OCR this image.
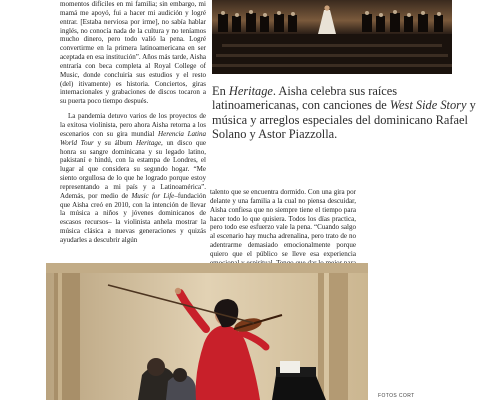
momentos difíciles en mi familia; sin embargo, mi mamá me apoyó, fui a hacer mi audición y logré entrar. [Estaba nerviosa por irme], no sabía hablar inglés, no conocía nada de la cultura y no teníamos mucho dinero, pero todo valió la pena. Logré convertirme en la primera latinoamericana en ser aceptada en esa institución”. Años más tarde, Aisha entraría con beca completa al Royal College of Music, donde concluiría sus estudios y el resto (del) itivamente) es historia. Conciertos, giras internacionales y grabaciones de discos tocaron a su puerta poco tiempo después.

La pandemia detuvo varios de los proyectos de la exitosa violinista, pero ahora Aisha retorna a los escenarios con su gira mundial Herencia Latina World Tour y su álbum Heritage, un disco que honra su sangre dominicana y su legado latino, pakistaní e hindú, con la estampa de Londres, el lugar al que considera su segundo hogar. “Me siento orgullosa de lo que he logrado porque estoy representando a mi país y a Latinoamérica”. Además, por medio de Music for Life–fundación que Aisha creó en 2010, con la intención de llevar la música a niños y jóvenes dominicanos de escasos recursos– la violinista anhela mostrar la música clásica a nuevas generaciones y quizás ayudarles a descubrir algún

En Heritage. Aisha celebra sus raíces latinoamericanas, con canciones de West Side Story y música y arreglos especiales del dominicano Rafael Solano y Astor Piazzolla.

talento que se encuentra dormido. Con una gira por delante y una familia a la cual no piensa descuidar, Aisha confiesa que no siempre tiene el tiempo para hacer todo lo que quisiera. Todos los días practica, pero todo ese esfuerzo vale la pena. “Cuando salgo al escenario hay mucha adrenalina, pero trato de no adentrarme demasiado emocionalmente porque quiero que el público se lleve esa experiencia

FOTOS CORT
